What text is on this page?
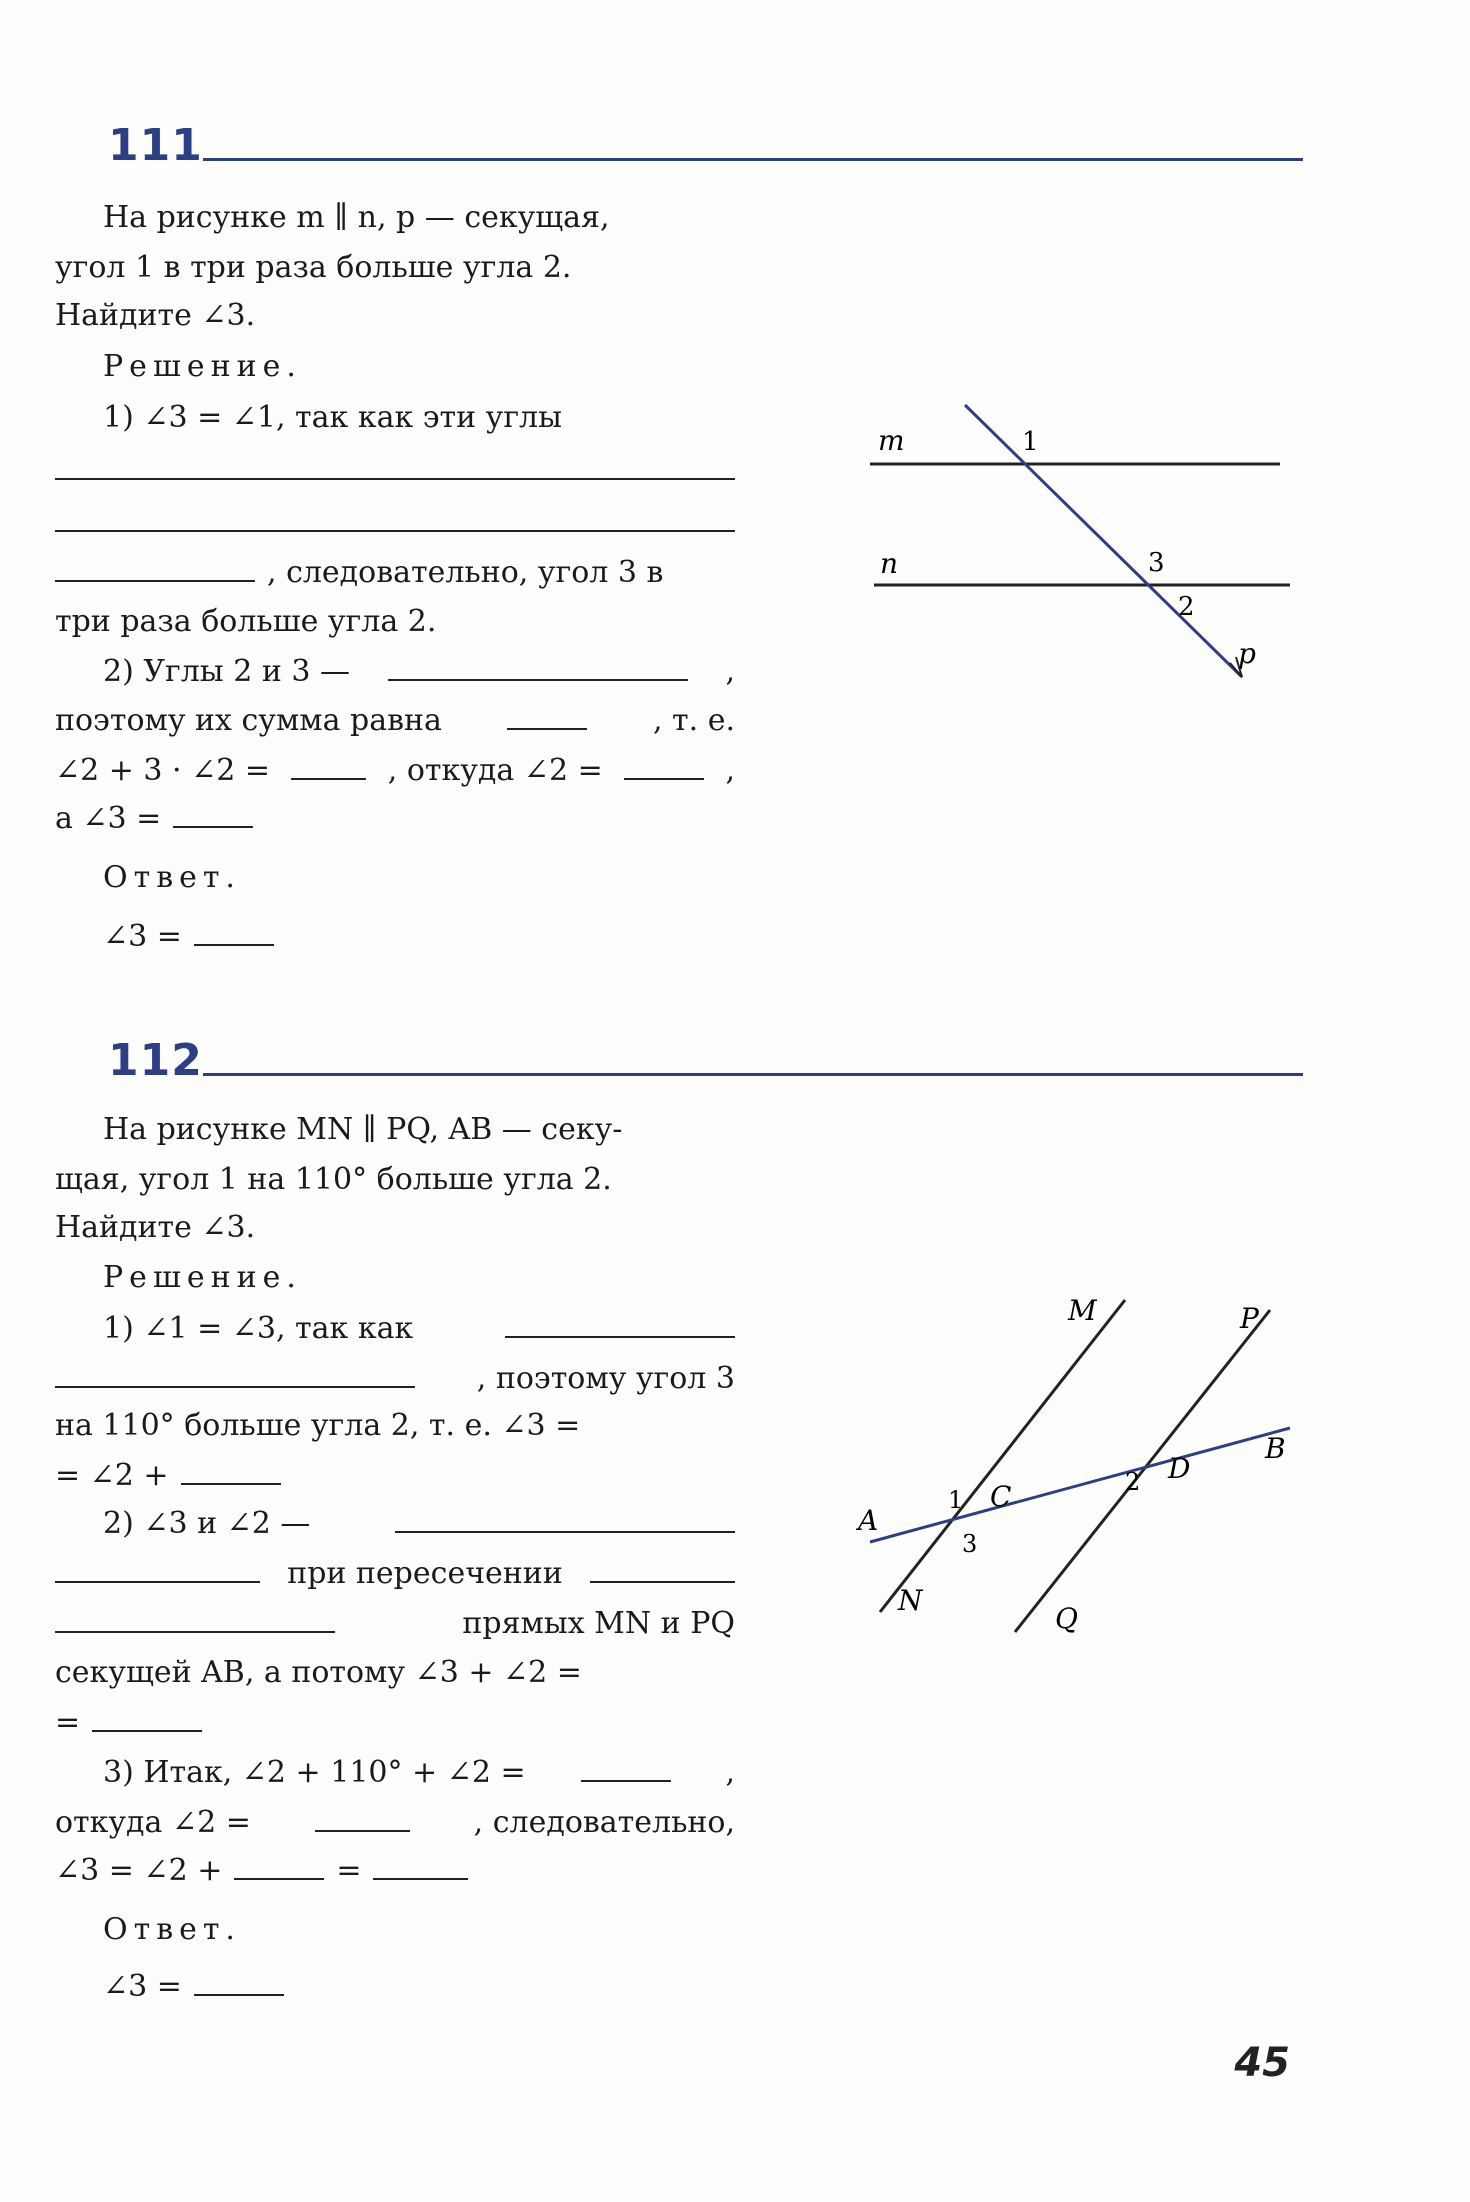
111
На рисунке m ∥ n, p — секущая,
угол 1 в три раза больше угла 2.
Найдите ∠3.
Решение.
1) ∠3 = ∠1, так как эти углы
, следовательно, угол 3 в
три раза больше угла 2.
2) Углы 2 и 3 —	,
поэтому их сумма равна	, т. е.
∠2 + 3 · ∠2 =	, откуда ∠2 =	,
а ∠3 =
Ответ.
∠3 =
m
n
p
1
3
2
112
На рисунке MN ∥ PQ, AB — секу-
щая, угол 1 на 110° больше угла 2.
Найдите ∠3.
Решение.
1) ∠1 = ∠3, так как
, поэтому угол 3
на 110° больше угла 2, т. е. ∠3 =
= ∠2 +
2) ∠3 и ∠2 —
при пересечении
прямых MN и PQ
секущей AB, а потому ∠3 + ∠2 =
=
3) Итак, ∠2 + 110° + ∠2 =	,
откуда ∠2 =	, следовательно,
∠3 = ∠2 +	=
Ответ.
∠3 =
M
N
P
Q
A
B
C
D
1
3
2
45
